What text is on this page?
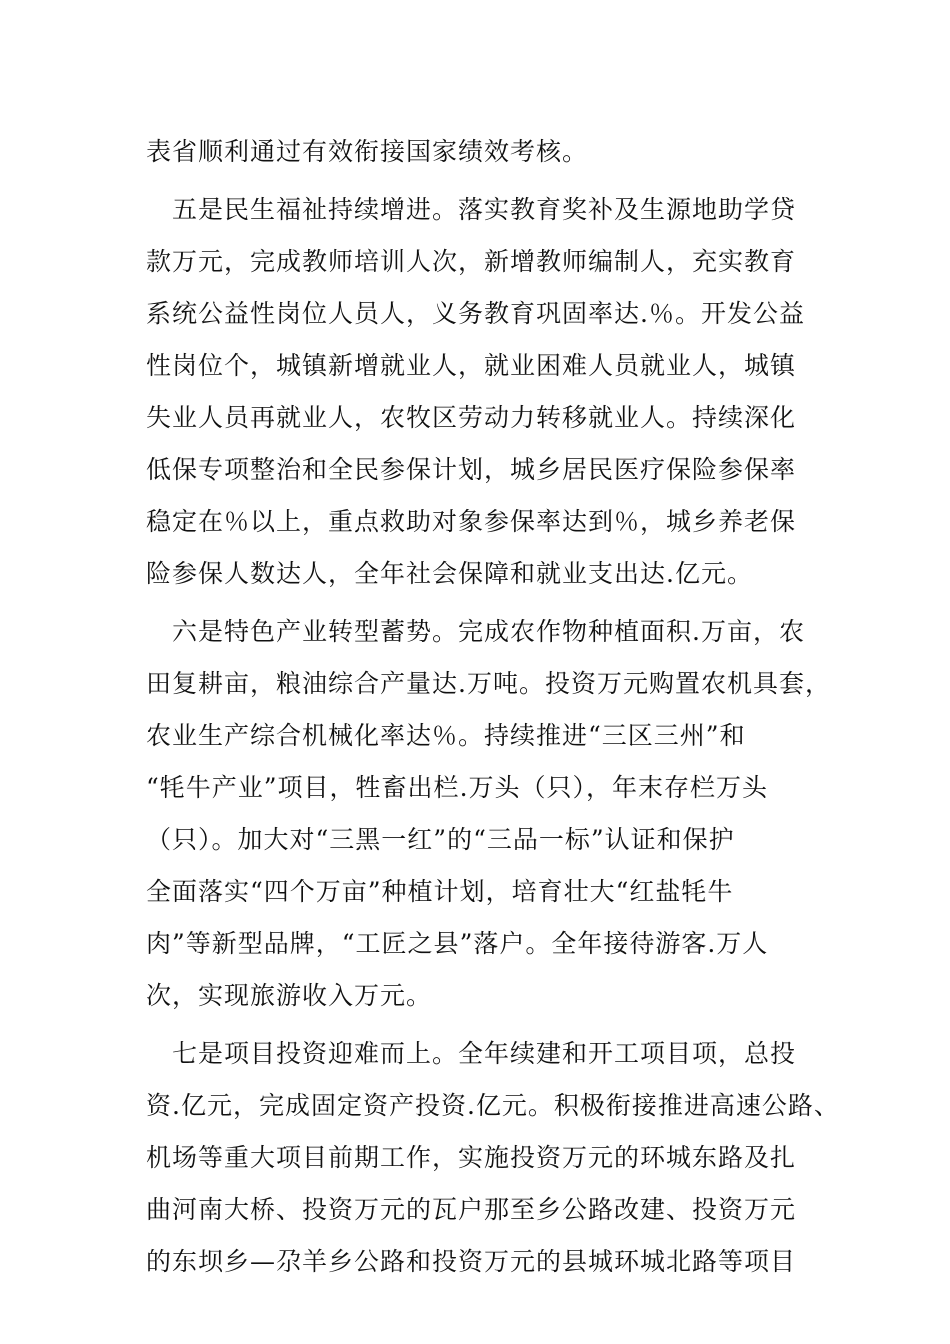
表省顺利通过有效衔接国家绩效考核。
　五是民生福祉持续增进。落实教育奖补及生源地助学贷
款万元，完成教师培训人次，新增教师编制人，充实教育
系统公益性岗位人员人，义务教育巩固率达.％。开发公益
性岗位个，城镇新增就业人，就业困难人员就业人，城镇
失业人员再就业人，农牧区劳动力转移就业人。持续深化
低保专项整治和全民参保计划，城乡居民医疗保险参保率
稳定在％以上，重点救助对象参保率达到％，城乡养老保
险参保人数达人，全年社会保障和就业支出达.亿元。
　六是特色产业转型蓄势。完成农作物种植面积.万亩，农
田复耕亩，粮油综合产量达.万吨。投资万元购置农机具套，
农业生产综合机械化率达％。持续推进“三区三州”和
“牦牛产业”项目，牲畜出栏.万头（只），年末存栏万头
（只）。加大对“三黑一红”的“三品一标”认证和保护
全面落实“四个万亩”种植计划，培育壮大“红盐牦牛
肉”等新型品牌，“工匠之县”落户。全年接待游客.万人
次，实现旅游收入万元。
　七是项目投资迎难而上。全年续建和开工项目项，总投
资.亿元，完成固定资产投资.亿元。积极衔接推进高速公路、
机场等重大项目前期工作，实施投资万元的环城东路及扎
曲河南大桥、投资万元的瓦户那至乡公路改建、投资万元
的东坝乡—尕羊乡公路和投资万元的县城环城北路等项目
